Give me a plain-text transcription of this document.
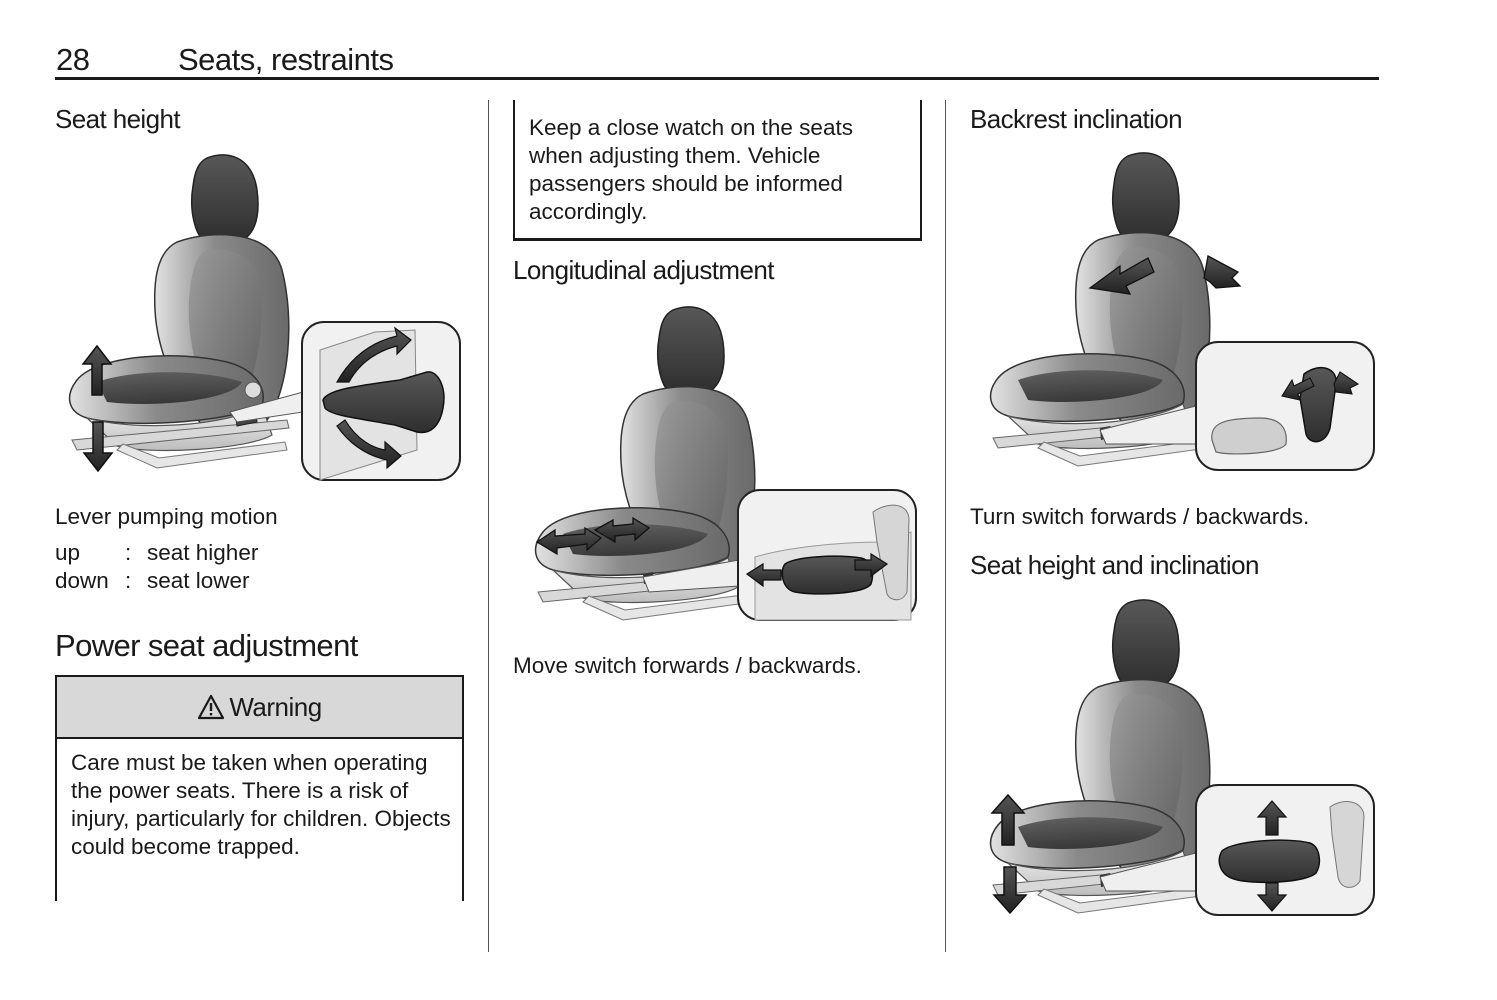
28	Seats, restraints
Seat height
Lever pumping motion
up	: seat higher
down : seat lower
Power seat adjustment
Warning

Care must be taken when operating the power seats. There is a risk of injury, particularly for children. Objects could become trapped.

Keep a close watch on the seats when adjusting them. Vehicle passengers should be informed accordingly.

Longitudinal adjustment
Move switch forwards / backwards.
Backrest inclination
Turn switch forwards / backwards.
Seat height and inclination
